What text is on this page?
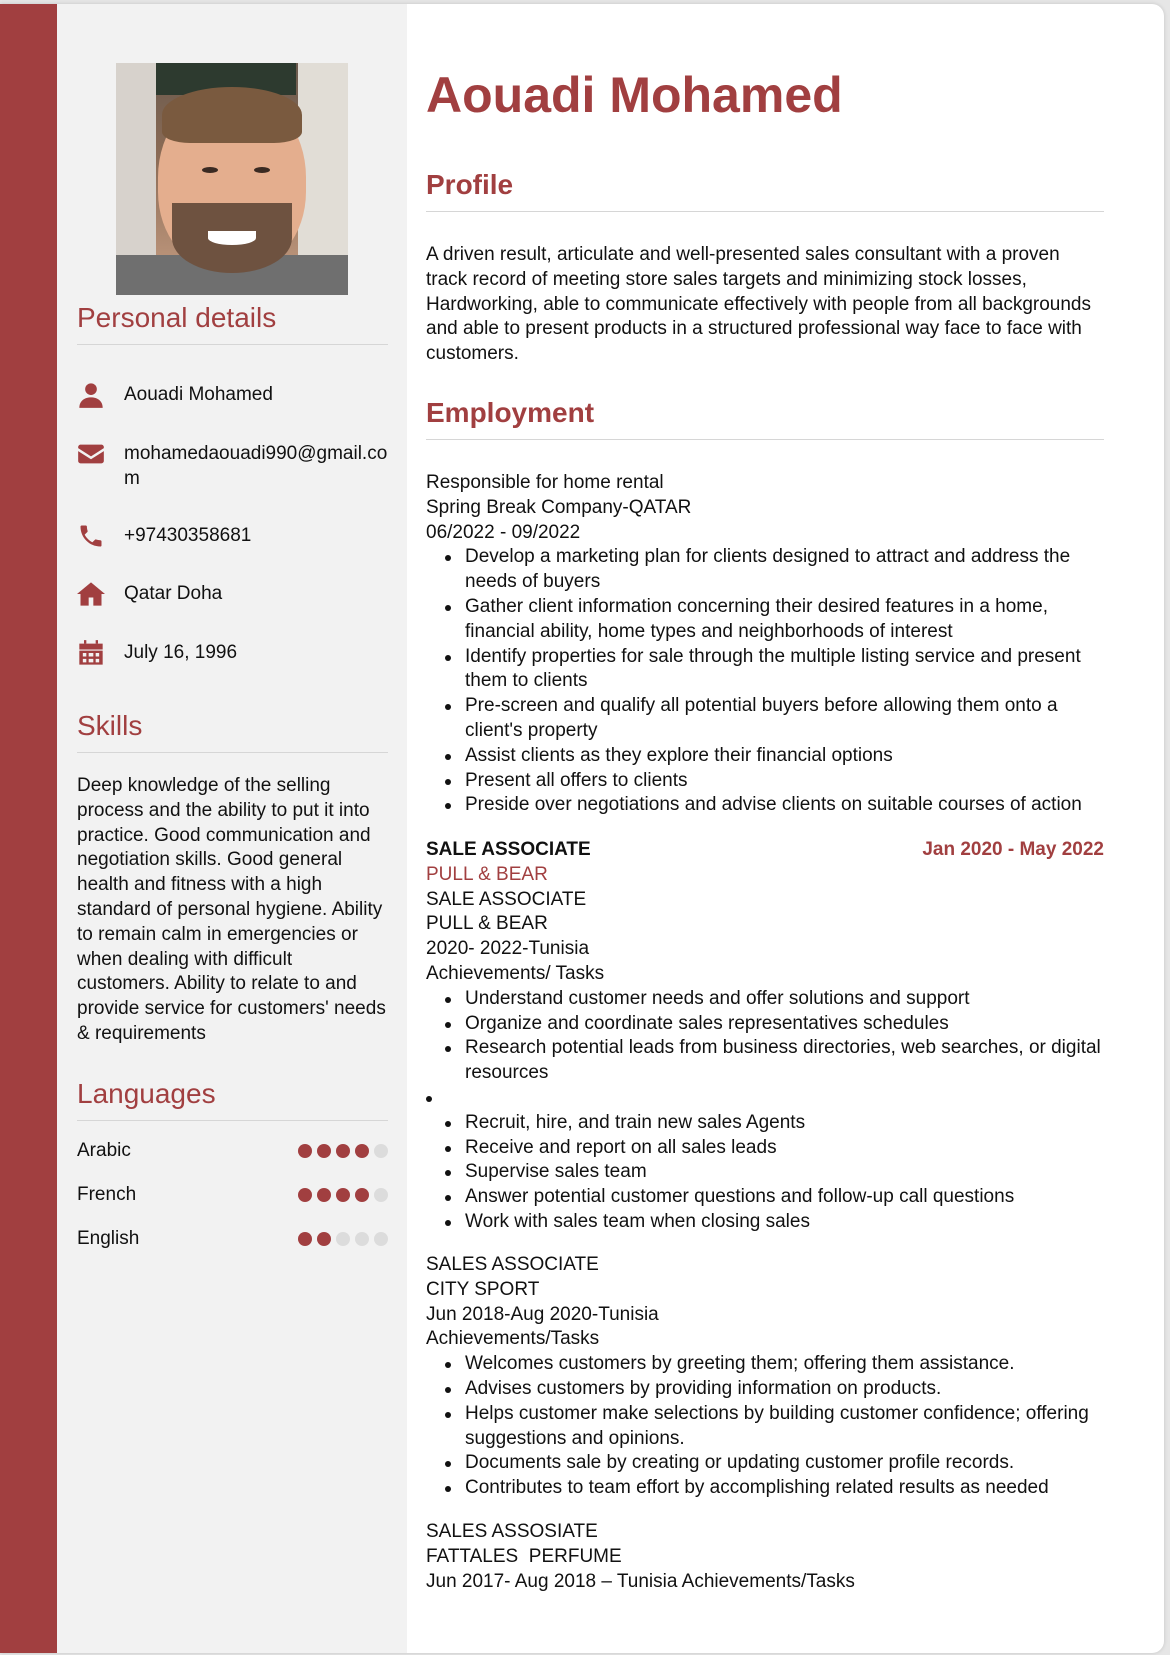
Personal details
Aouadi Mohamed
mohamedaouadi990@gmail.com
+97430358681
Qatar Doha
July 16, 1996
Skills

Deep knowledge of the selling process and the ability to put it into practice. Good communication and negotiation skills. Good general health and fitness with a high standard of personal hygiene. Ability to remain calm in emergencies or when dealing with difficult customers. Ability to relate to and provide service for customers' needs & requirements

Languages
Arabic
French
English
Aouadi Mohamed
Profile

A driven result, articulate and well-presented sales consultant with a proven track record of meeting store sales targets and minimizing stock losses, Hardworking, able to communicate effectively with people from all backgrounds and able to present products in a structured professional way face to face with customers.

Employment
Responsible for home rental
Spring Break Company-QATAR
06/2022 - 09/2022
Develop a marketing plan for clients designed to attract and address the needs of buyers
Gather client information concerning their desired features in a home, financial ability, home types and neighborhoods of interest
Identify properties for sale through the multiple listing service and present them to clients
Pre-screen and qualify all potential buyers before allowing them onto a client's property
Assist clients as they explore their financial options
Present all offers to clients
Preside over negotiations and advise clients on suitable courses of action
SALE ASSOCIATE	Jan 2020 - May 2022
PULL & BEAR
SALE ASSOCIATE
PULL & BEAR
2020- 2022-Tunisia
Achievements/ Tasks
Understand customer needs and offer solutions and support
Organize and coordinate sales representatives schedules
Research potential leads from business directories, web searches, or digital resources
Recruit, hire, and train new sales Agents
Receive and report on all sales leads
Supervise sales team
Answer potential customer questions and follow-up call questions
Work with sales team when closing sales
SALES ASSOCIATE
CITY SPORT
Jun 2018-Aug 2020-Tunisia
Achievements/Tasks
Welcomes customers by greeting them; offering them assistance.
Advises customers by providing information on products.
Helps customer make selections by building customer confidence; offering suggestions and opinions.
Documents sale by creating or updating customer profile records.
Contributes to team effort by accomplishing related results as needed
SALES ASSOSIATE
FATTALES  PERFUME
Jun 2017- Aug 2018 – Tunisia Achievements/Tasks
